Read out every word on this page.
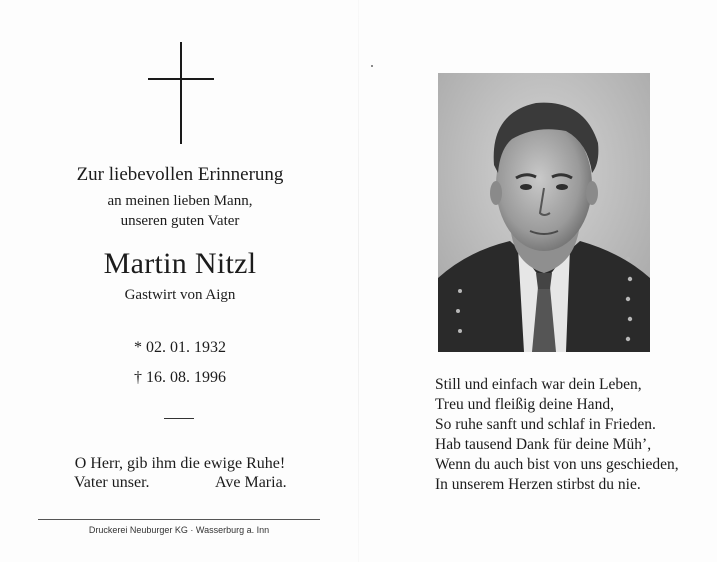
Zur liebevollen Erinnerung
an meinen lieben Mann,
unseren guten Vater
Martin Nitzl
Gastwirt von Aign
* 02. 01. 1932
† 16. 08. 1996
O Herr, gib ihm die ewige Ruhe!
Vater unser.	Ave Maria.
Druckerei Neuburger KG · Wasserburg a. Inn
Still und einfach war dein Leben,
Treu und fleißig deine Hand,
So ruhe sanft und schlaf in Frieden.
Hab tausend Dank für deine Müh’,
Wenn du auch bist von uns geschieden,
In unserem Herzen stirbst du nie.
